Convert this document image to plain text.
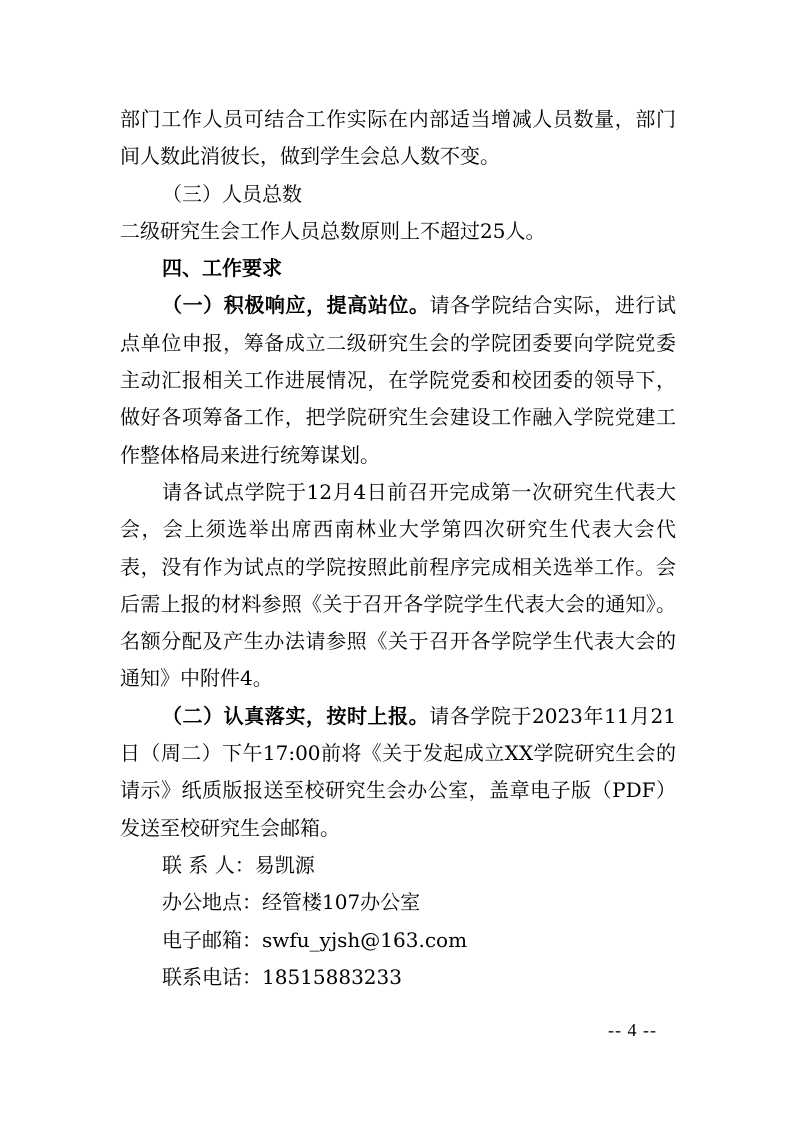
部门工作人员可结合工作实际在内部适当增减人员数量，部门间人数此消彼长，做到学生会总人数不变。

（三）人员总数

二级研究生会工作人员总数原则上不超过25人。

四、工作要求

（一）积极响应，提高站位。请各学院结合实际，进行试点单位申报，筹备成立二级研究生会的学院团委要向学院党委主动汇报相关工作进展情况，在学院党委和校团委的领导下，做好各项筹备工作，把学院研究生会建设工作融入学院党建工作整体格局来进行统筹谋划。

请各试点学院于12月4日前召开完成第一次研究生代表大会，会上须选举出席西南林业大学第四次研究生代表大会代表，没有作为试点的学院按照此前程序完成相关选举工作。会后需上报的材料参照《关于召开各学院学生代表大会的通知》。名额分配及产生办法请参照《关于召开各学院学生代表大会的通知》中附件4。

（二）认真落实，按时上报。请各学院于2023年11月21日（周二）下午17:00前将《关于发起成立XX学院研究生会的请示》纸质版报送至校研究生会办公室，盖章电子版（PDF）发送至校研究生会邮箱。

联 系 人：易凯源
办公地点：经管楼107办公室
电子邮箱：swfu_yjsh@163.com
联系电话：18515883233
-- 4 --
